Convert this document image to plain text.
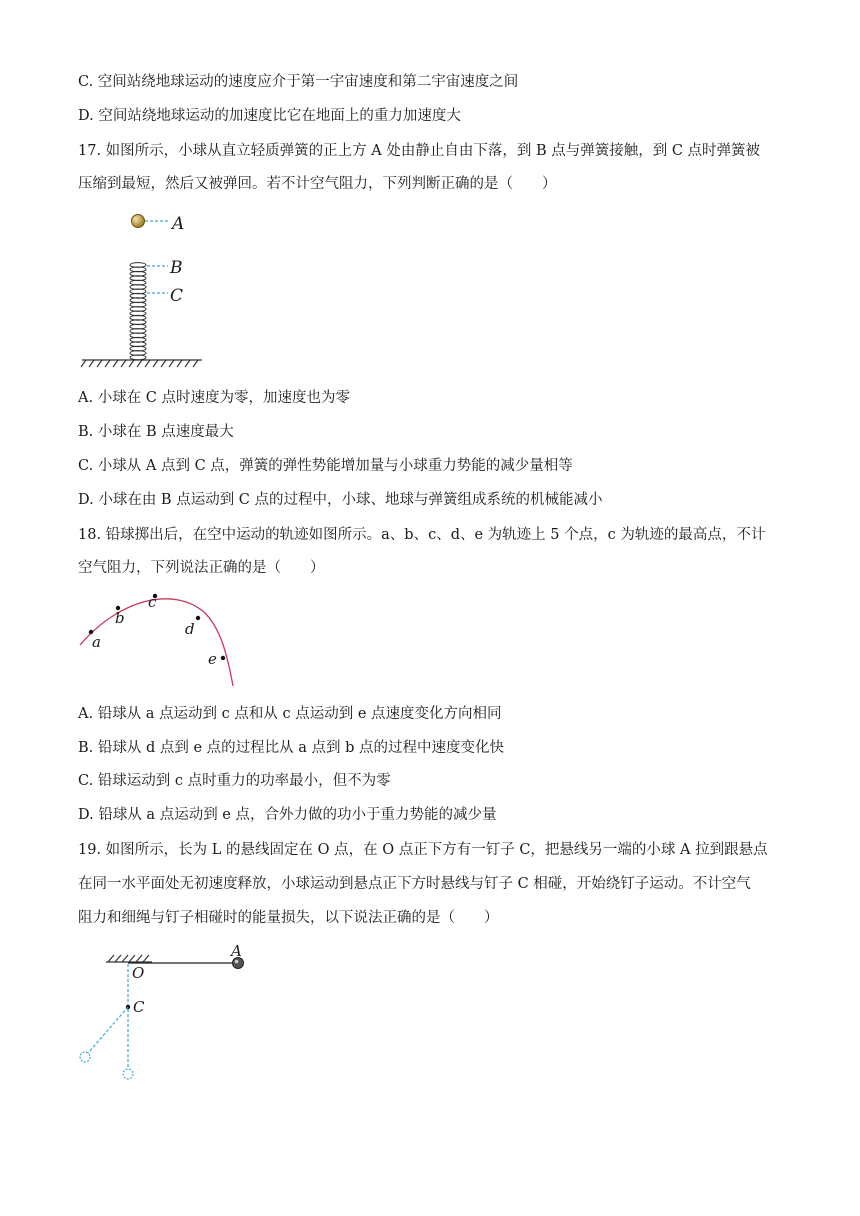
C. 空间站绕地球运动的速度应介于第一宇宙速度和第二宇宙速度之间
D. 空间站绕地球运动的加速度比它在地面上的重力加速度大
17. 如图所示，小球从直立轻质弹簧的正上方 A 处由静止自由下落，到 B 点与弹簧接触，到 C 点时弹簧被
压缩到最短，然后又被弹回。若不计空气阻力，下列判断正确的是（　　）
A
B
C
A. 小球在 C 点时速度为零，加速度也为零
B. 小球在 B 点速度最大
C. 小球从 A 点到 C 点，弹簧的弹性势能增加量与小球重力势能的减少量相等
D. 小球在由 B 点运动到 C 点的过程中，小球、地球与弹簧组成系统的机械能减小
18. 铅球掷出后，在空中运动的轨迹如图所示。a、b、c、d、e 为轨迹上 5 个点，c 为轨迹的最高点，不计
空气阻力，下列说法正确的是（　　）
a
b
c
d
e
A. 铅球从 a 点运动到 c 点和从 c 点运动到 e 点速度变化方向相同
B. 铅球从 d 点到 e 点的过程比从 a 点到 b 点的过程中速度变化快
C. 铅球运动到 c 点时重力的功率最小，但不为零
D. 铅球从 a 点运动到 e 点，合外力做的功小于重力势能的减少量
19. 如图所示，长为 L 的悬线固定在 O 点，在 O 点正下方有一钉子 C，把悬线另一端的小球 A 拉到跟悬点
在同一水平面处无初速度释放，小球运动到悬点正下方时悬线与钉子 C 相碰，开始绕钉子运动。不计空气
阻力和细绳与钉子相碰时的能量损失，以下说法正确的是（　　）
O
A
C
